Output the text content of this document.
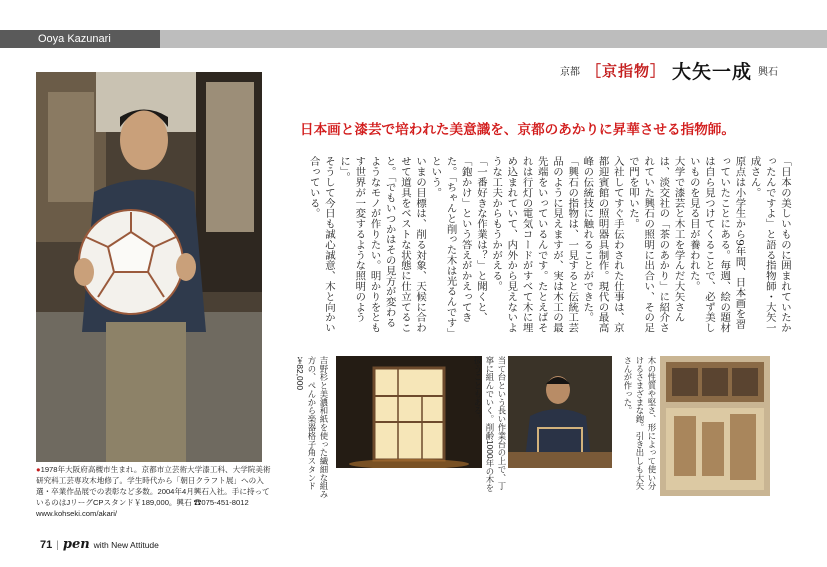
Ooya Kazunari
京都 ［京指物］ 大矢一成 興石
日本画と漆芸で培われた美意識を、京都のあかりに昇華させる指物師。
●1978年大阪府高槻市生まれ。京都市立芸術大学漆工科、大学院美術研究科工芸専攻木地修了。学生時代から「朝日クラフト展」への入選・卒業作品展での表彰など多数。2004年4月興石入社。手に持っているのはJリーグCPスタンド￥189,000。興石 ☎075-451-8012 www.kohseki.com/akari/
「日本の美しいものに囲まれていたかったんですよ」と語る指物師・大矢一成さん。
原点は小学生から9年間、日本画を習っていたことにある。毎週、絵の題材は自ら見つけてくることで、必ず美しいものを見る目が養われた。
大学で漆芸と木工を学んだ大矢さんは、淡交社の「茶のあかり」に紹介されていた興石の照明に出合い、その足で門を叩いた。
入社してすぐ手伝わされた仕事は、京都迎賓館の照明器具制作。現代の最高峰の伝統技に触れることができた。
「興石の指物は、一見すると伝統工芸品のように見えますが、実は木工の最先端をいっているんです。たとえばそれは行灯の電気コードがすべて木に埋め込まれていて、内外から見えないような工夫からもうかがえる。
「一番好きな作業は？」と聞くと、「鉋かけ」という答えがかえってきた。「ちゃんと削った木は光るんです」という。
いまの目標は、削る対象、天候に合わせて道具をベストな状態に仕立てること。「でもいつかはその見方が変わるようなモノが作りたい。明かりをともす世界が一変するような照明のように」。
そうして今日も誠心誠意、木と向かい合っている。
吉野杉と美濃和紙を使った繊細な組み方の、ぺんから楽器格子角スタンド￥82,000	当て台という長い作業台の上で、丁寧に組んでいく。削齢1000年の木を扱うこともある。	木の性質や堅さ、形によって使い分けるさまざまな鉋。引き出しも大矢さんが作った。
71 | pen with New Attitude
